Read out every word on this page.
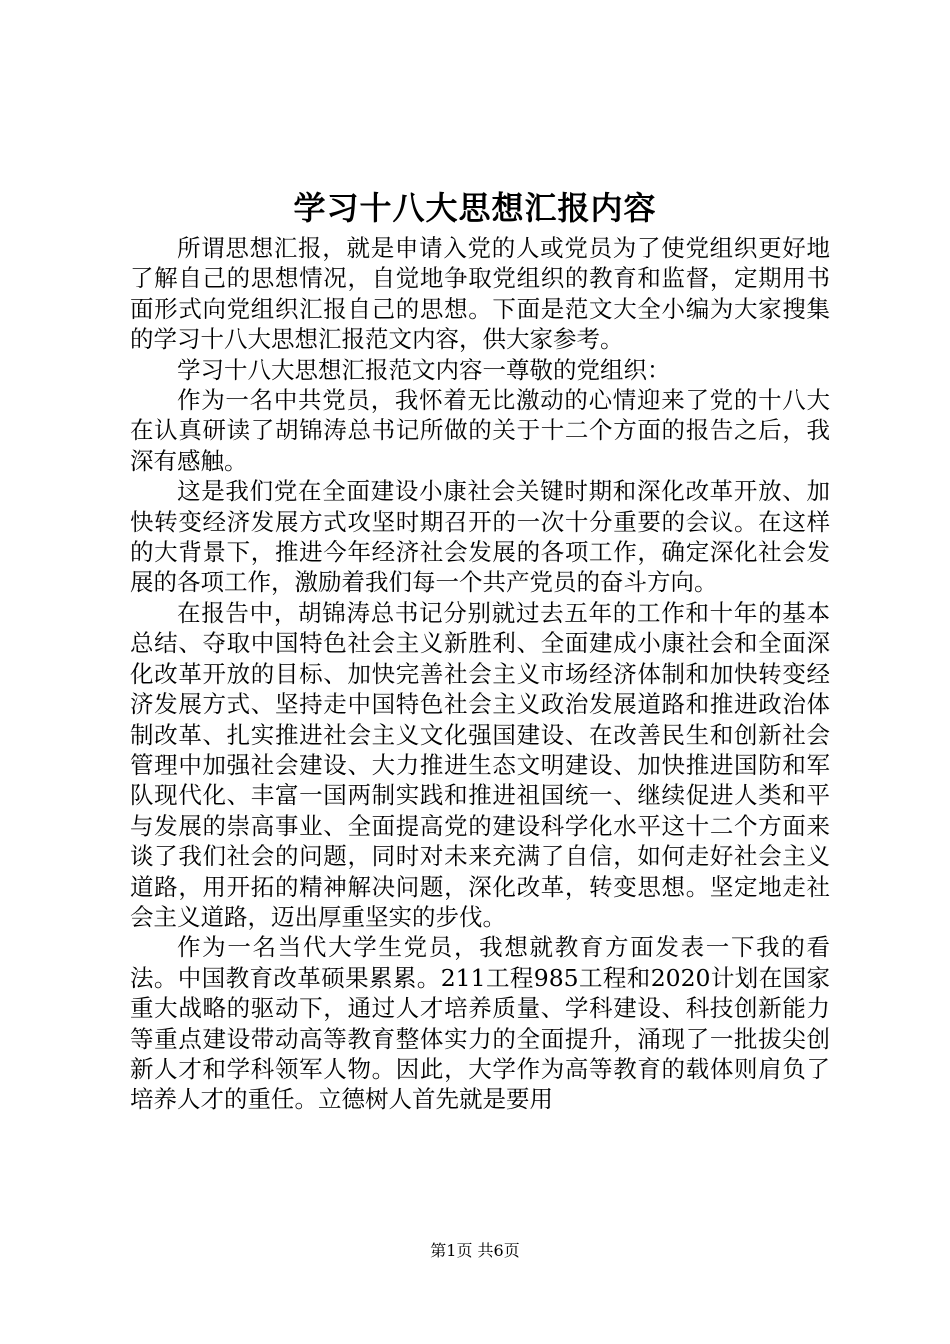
学习十八大思想汇报内容

所谓思想汇报，就是申请入党的人或党员为了使党组织更好地了解自己的思想情况，自觉地争取党组织的教育和监督，定期用书面形式向党组织汇报自己的思想。下面是范文大全小编为大家搜集的学习十八大思想汇报范文内容，供大家参考。

学习十八大思想汇报范文内容一尊敬的党组织：

作为一名中共党员，我怀着无比激动的心情迎来了党的十八大在认真研读了胡锦涛总书记所做的关于十二个方面的报告之后，我深有感触。

这是我们党在全面建设小康社会关键时期和深化改革开放、加快转变经济发展方式攻坚时期召开的一次十分重要的会议。在这样的大背景下，推进今年经济社会发展的各项工作，确定深化社会发展的各项工作，激励着我们每一个共产党员的奋斗方向。

在报告中，胡锦涛总书记分别就过去五年的工作和十年的基本总结、夺取中国特色社会主义新胜利、全面建成小康社会和全面深化改革开放的目标、加快完善社会主义市场经济体制和加快转变经济发展方式、坚持走中国特色社会主义政治发展道路和推进政治体制改革、扎实推进社会主义文化强国建设、在改善民生和创新社会管理中加强社会建设、大力推进生态文明建设、加快推进国防和军队现代化、丰富一国两制实践和推进祖国统一、继续促进人类和平与发展的崇高事业、全面提高党的建设科学化水平这十二个方面来谈了我们社会的问题，同时对未来充满了自信，如何走好社会主义道路，用开拓的精神解决问题，深化改革，转变思想。坚定地走社会主义道路，迈出厚重坚实的步伐。

作为一名当代大学生党员，我想就教育方面发表一下我的看法。中国教育改革硕果累累。211工程985工程和2020计划在国家重大战略的驱动下，通过人才培养质量、学科建设、科技创新能力等重点建设带动高等教育整体实力的全面提升，涌现了一批拔尖创新人才和学科领军人物。因此，大学作为高等教育的载体则肩负了培养人才的重任。立德树人首先就是要用

第1页 共6页
